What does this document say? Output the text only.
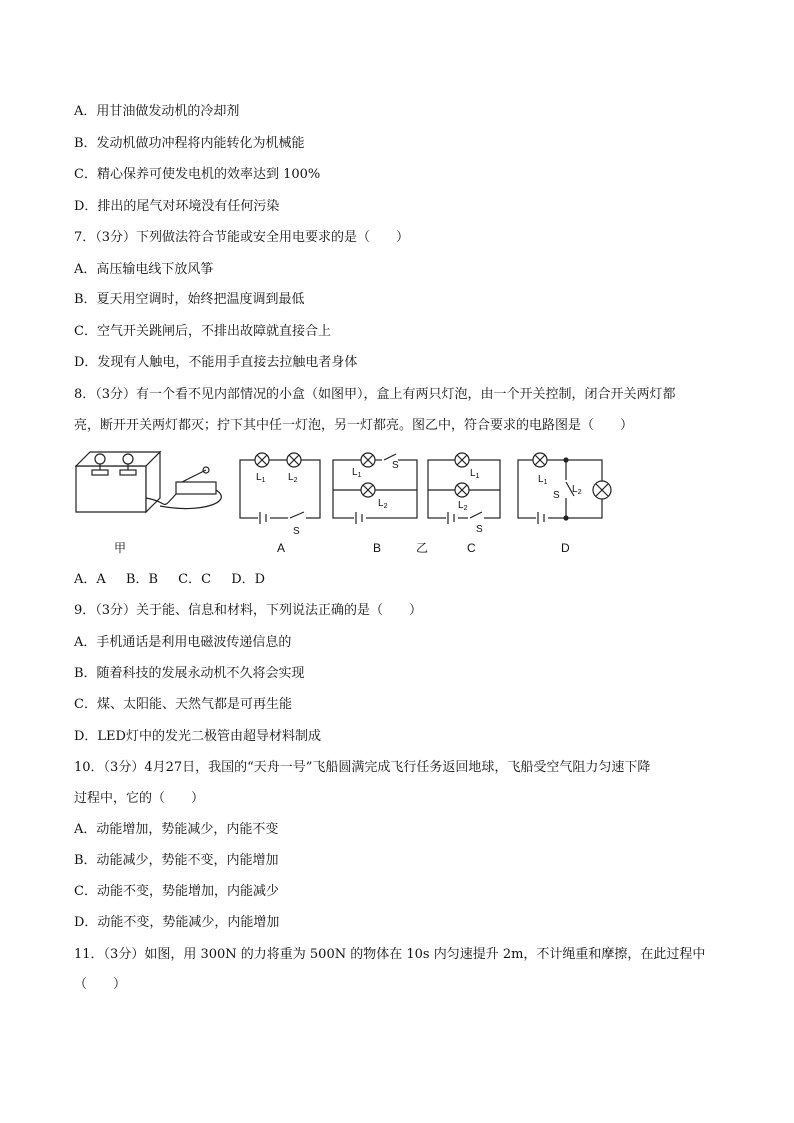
A．用甘油做发动机的冷却剂
B．发动机做功冲程将内能转化为机械能
C．精心保养可使发电机的效率达到 100%
D．排出的尾气对环境没有任何污染
7．（3分）下列做法符合节能或安全用电要求的是（　　）
A．高压输电线下放风筝
B．夏天用空调时，始终把温度调到最低
C．空气开关跳闸后，不排出故障就直接合上
D．发现有人触电，不能用手直接去拉触电者身体
8．（3分）有一个看不见内部情况的小盒（如图甲），盒上有两只灯泡，由一个开关控制，闭合开关两灯都
亮，断开开关两灯都灭；拧下其中任一灯泡，另一灯都亮。图乙中，符合要求的电路图是（　　）
$L_1$ $L_2$
S
$L_1$
S
$L_2$
$L_1$
$L_2$
S
$L_1$
S
$L_2$
甲	A	B	乙	C	D
A．A B．B C．C D．D
9．（3分）关于能、信息和材料，下列说法正确的是（　　）
A．手机通话是利用电磁波传递信息的
B．随着科技的发展永动机不久将会实现
C．煤、太阳能、天然气都是可再生能
D．LED灯中的发光二极管由超导材料制成
10．（3分）4月27日，我国的“天舟一号”飞船圆满完成飞行任务返回地球，飞船受空气阻力匀速下降
过程中，它的（　　）
A．动能增加，势能减少，内能不变
B．动能减少，势能不变，内能增加
C．动能不变，势能增加，内能减少
D．动能不变，势能减少，内能增加
11．（3分）如图，用 300N 的力将重为 500N 的物体在 10s 内匀速提升 2m，不计绳重和摩擦，在此过程中
（　　）
